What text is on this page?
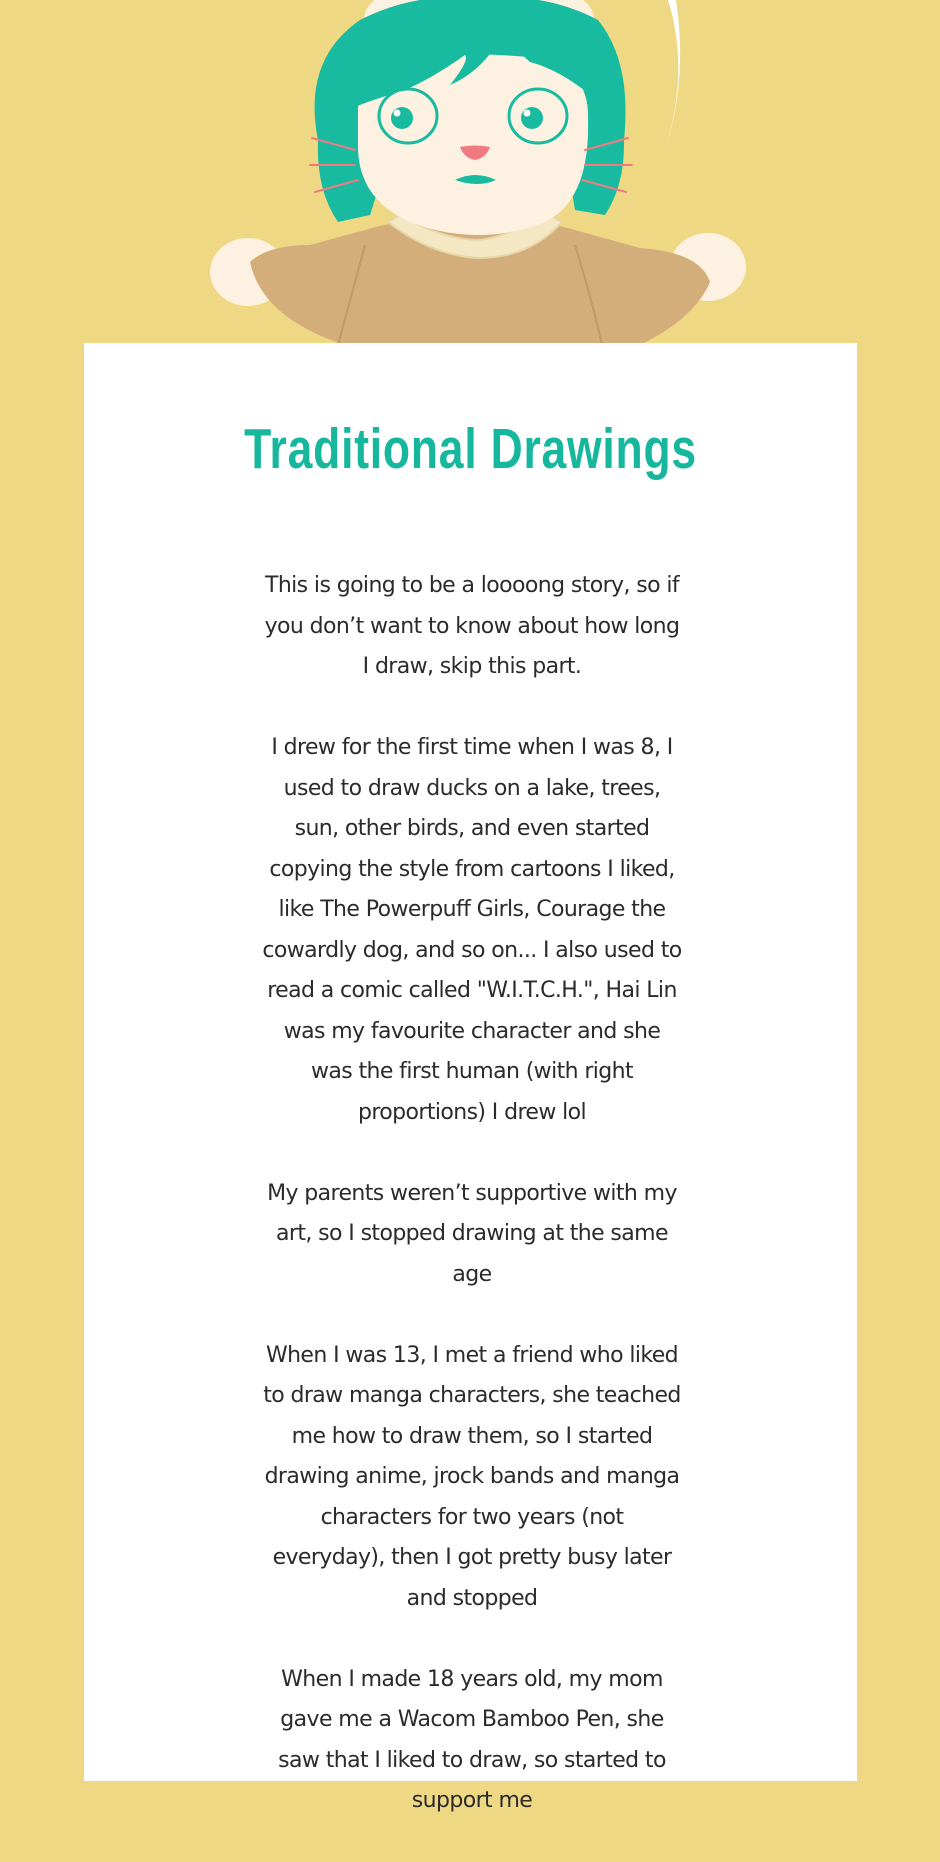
Traditional Drawings

This is going to be a loooong story, so if you don’t want to know about how long I draw, skip this part.

I drew for the first time when I was 8, I used to draw ducks on a lake, trees, sun, other birds, and even started copying the style from cartoons I liked, like The Powerpuff Girls, Courage the cowardly dog, and so on... I also used to read a comic called "W.I.T.C.H.", Hai Lin was my favourite character and she was the first human (with right proportions) I drew lol

My parents weren’t supportive with my art, so I stopped drawing at the same age

When I was 13, I met a friend who liked to draw manga characters, she teached me how to draw them, so I started drawing anime, jrock bands and manga characters for two years (not everyday), then I got pretty busy later and stopped

When I made 18 years old, my mom gave me a Wacom Bamboo Pen, she saw that I liked to draw, so started to support me
